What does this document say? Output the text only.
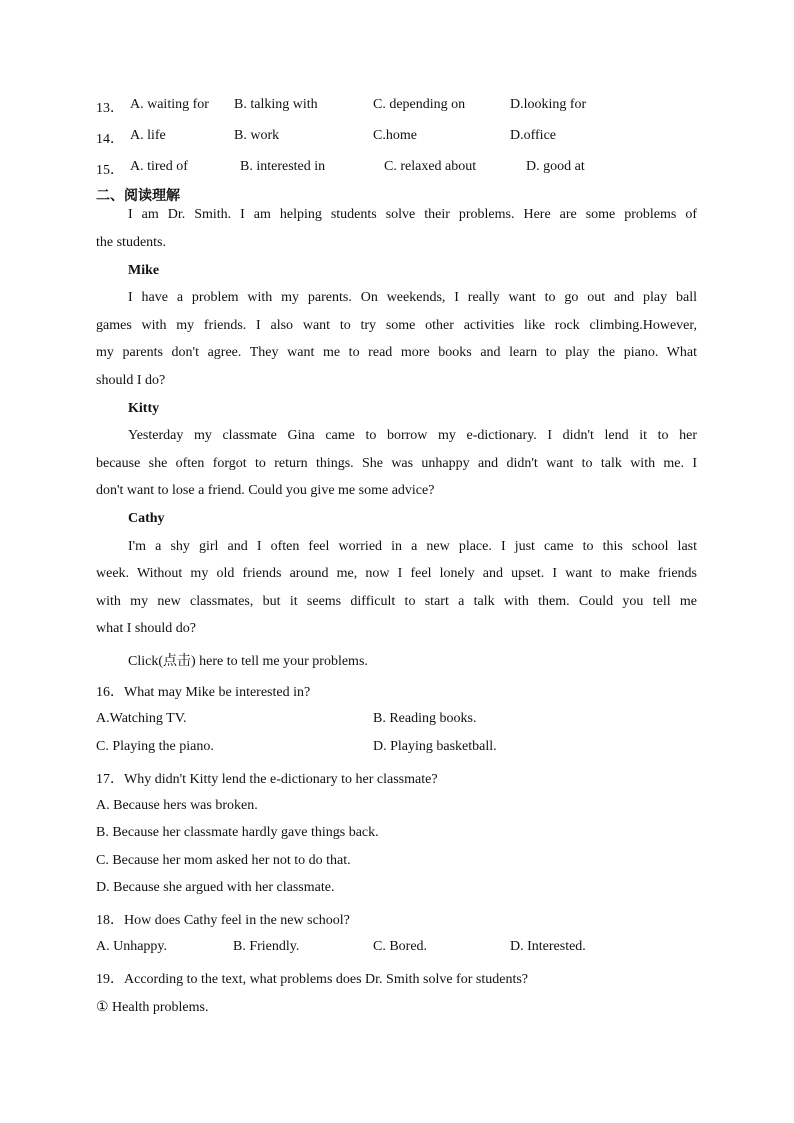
13． A. waiting for B. talking with	C. depending on	D.looking for
14． A. life	B. work	C.home	D.office
15． A. tired of	B. interested in	C. relaxed about	D. good at
二、阅读理解
I am Dr. Smith. I am helping students solve their problems. Here are some problems of
the students.
Mike
I have a problem with my parents. On weekends, I really want to go out and play ball
games with my friends. I also want to try some other activities like rock climbing.However,
my parents don't agree. They want me to read more books and learn to play the piano. What
should I do?
Kitty
Yesterday my classmate Gina came to borrow my e-dictionary. I didn't lend it to her
because she often forgot to return things. She was unhappy and didn't want to talk with me. I
don't want to lose a friend. Could you give me some advice?
Cathy
I'm a shy girl and I often feel worried in a new place. I just came to this school last
week. Without my old friends around me, now I feel lonely and upset. I want to make friends
with my new classmates, but it seems difficult to start a talk with them. Could you tell me
what I should do?
Click(点击) here to tell me your problems.
16．What may Mike be interested in?
A.Watching TV.	B. Reading books.
C. Playing the piano.	D. Playing basketball.
17．Why didn't Kitty lend the e-dictionary to her classmate?
A. Because hers was broken.
B. Because her classmate hardly gave things back.
C. Because her mom asked her not to do that.
D. Because she argued with her classmate.
18．How does Cathy feel in the new school?
A. Unhappy.	B. Friendly.	C. Bored.	D. Interested.
19．According to the text, what problems does Dr. Smith solve for students?
① Health problems.
